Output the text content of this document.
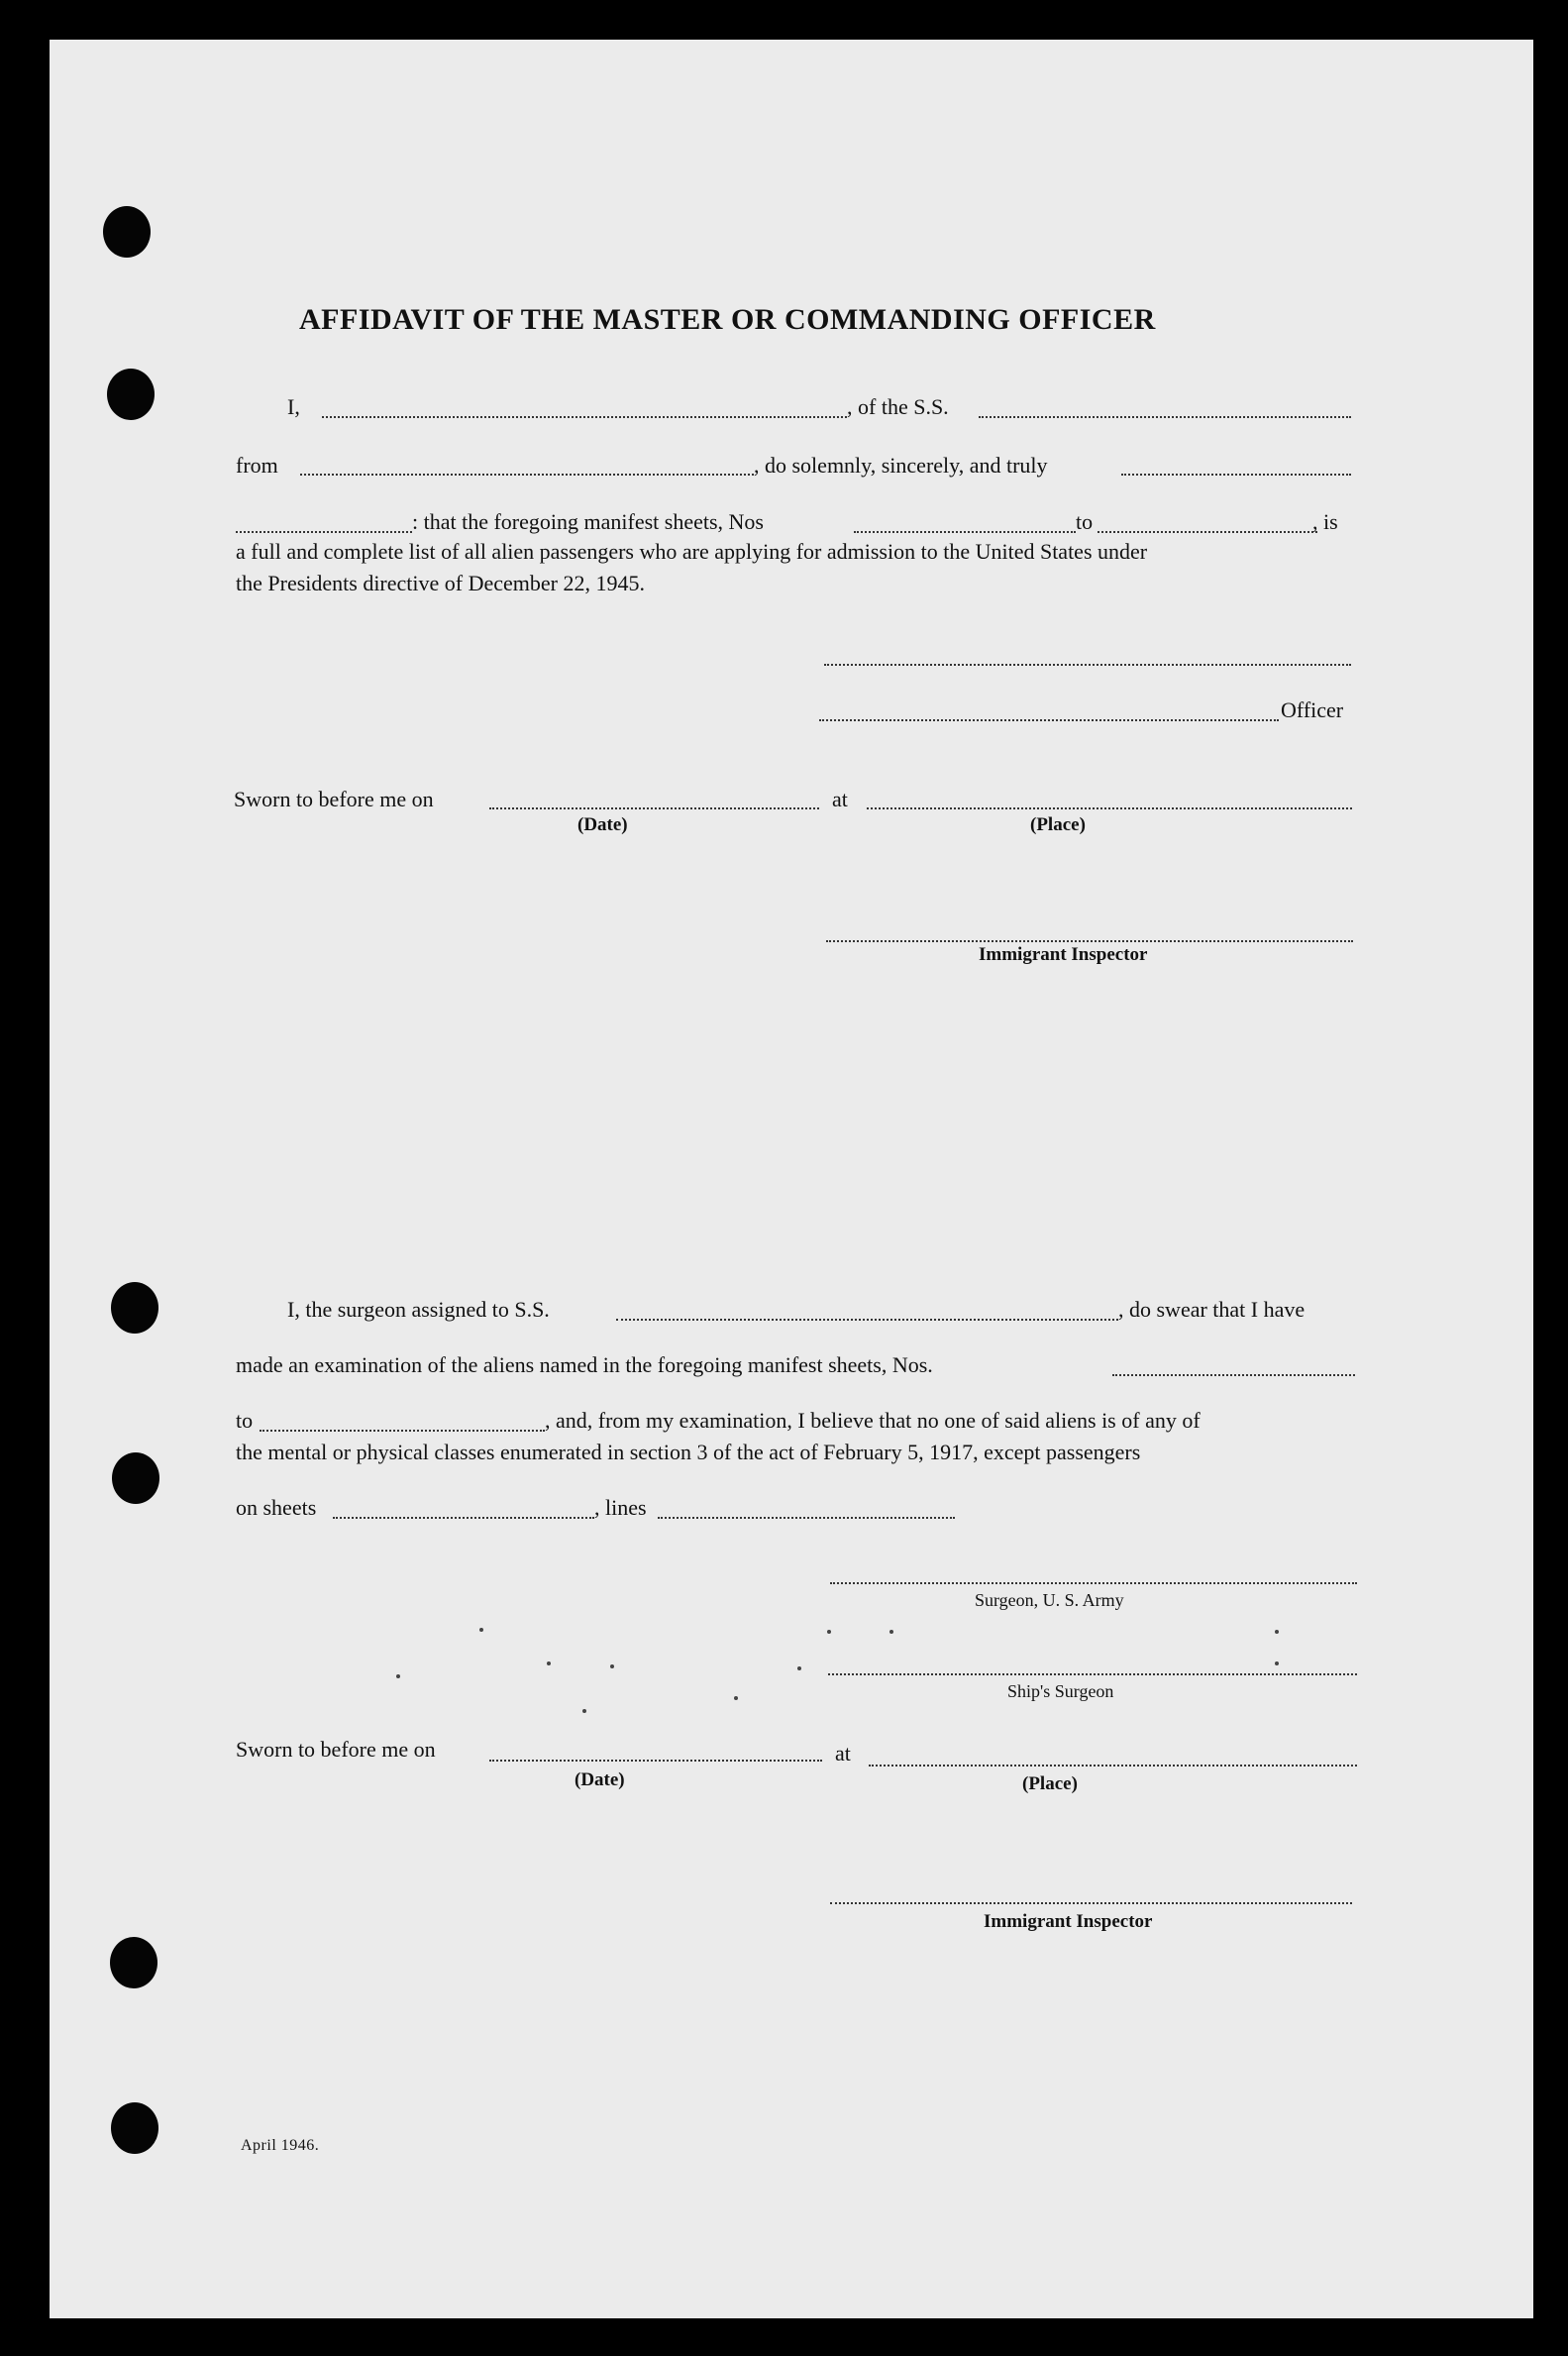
AFFIDAVIT OF THE MASTER OR COMMANDING OFFICER
I,	, of the S.S.
from	, do solemnly, sincerely, and truly
: that the foregoing manifest sheets, Nos	to	, is
a full and complete list of all alien passengers who are applying for admission to the United States under
the Presidents directive of December 22, 1945.
Officer
Sworn to before me on	at
(Date)	(Place)
Immigrant Inspector
I, the surgeon assigned to S.S.	, do swear that I have
made an examination of the aliens named in the foregoing manifest sheets, Nos.
to	, and, from my examination, I believe that no one of said aliens is of any of
the mental or physical classes enumerated in section 3 of the act of February 5, 1917, except passengers
on sheets	, lines
Surgeon, U. S. Army
Ship's Surgeon
Sworn to before me on	at
(Date)	(Place)
Immigrant Inspector
April 1946.
